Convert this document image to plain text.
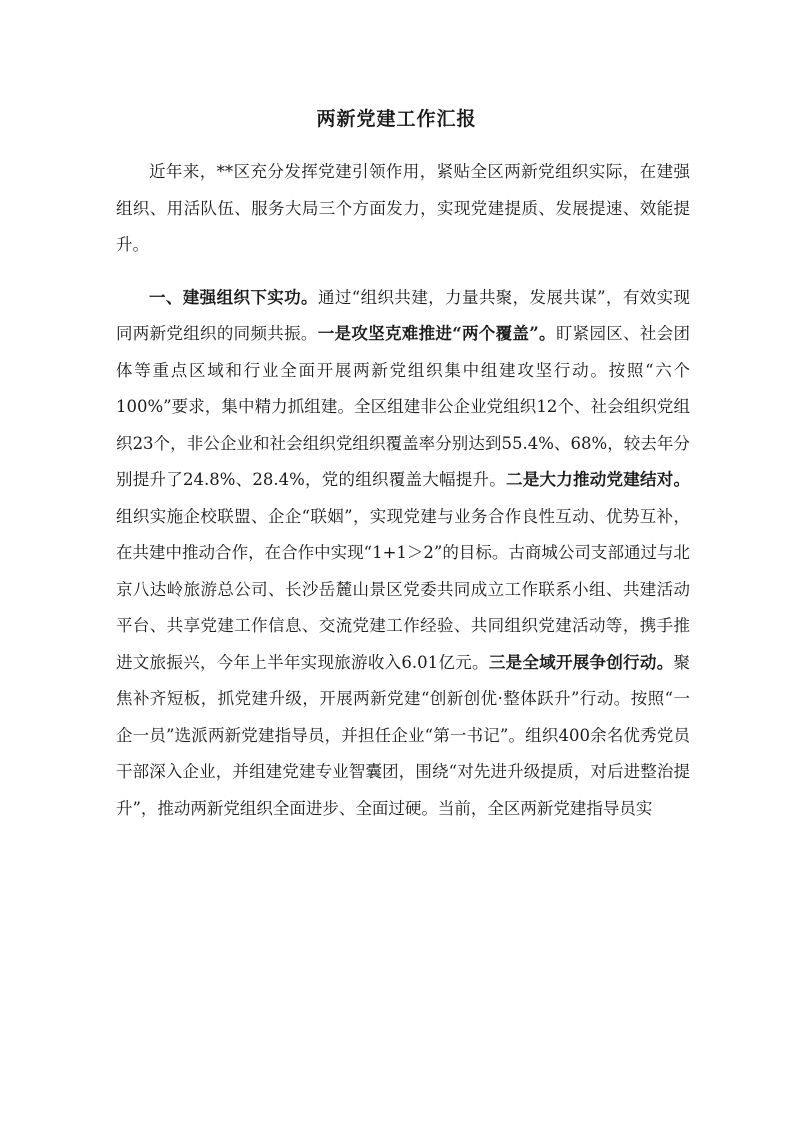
两新党建工作汇报

近年来，**区充分发挥党建引领作用，紧贴全区两新党组织实际，在建强组织、用活队伍、服务大局三个方面发力，实现党建提质、发展提速、效能提升。

一、建强组织下实功。通过“组织共建，力量共聚，发展共谋”，有效实现同两新党组织的同频共振。一是攻坚克难推进“两个覆盖”。盯紧园区、社会团体等重点区域和行业全面开展两新党组织集中组建攻坚行动。按照“六个100%”要求，集中精力抓组建。全区组建非公企业党组织12个、社会组织党组织23个，非公企业和社会组织党组织覆盖率分别达到55.4%、68%，较去年分别提升了24.8%、28.4%，党的组织覆盖大幅提升。二是大力推动党建结对。组织实施企校联盟、企企“联姻”，实现党建与业务合作良性互动、优势互补，在共建中推动合作，在合作中实现“1+1＞2”的目标。古商城公司支部通过与北京八达岭旅游总公司、长沙岳麓山景区党委共同成立工作联系小组、共建活动平台、共享党建工作信息、交流党建工作经验、共同组织党建活动等，携手推进文旅振兴，今年上半年实现旅游收入6.01亿元。三是全域开展争创行动。聚焦补齐短板，抓党建升级，开展两新党建“创新创优·整体跃升”行动。按照“一企一员”选派两新党建指导员，并担任企业“第一书记”。组织400余名优秀党员干部深入企业，并组建党建专业智囊团，围绕“对先进升级提质，对后进整治提升”，推动两新党组织全面进步、全面过硬。当前，全区两新党建指导员实
